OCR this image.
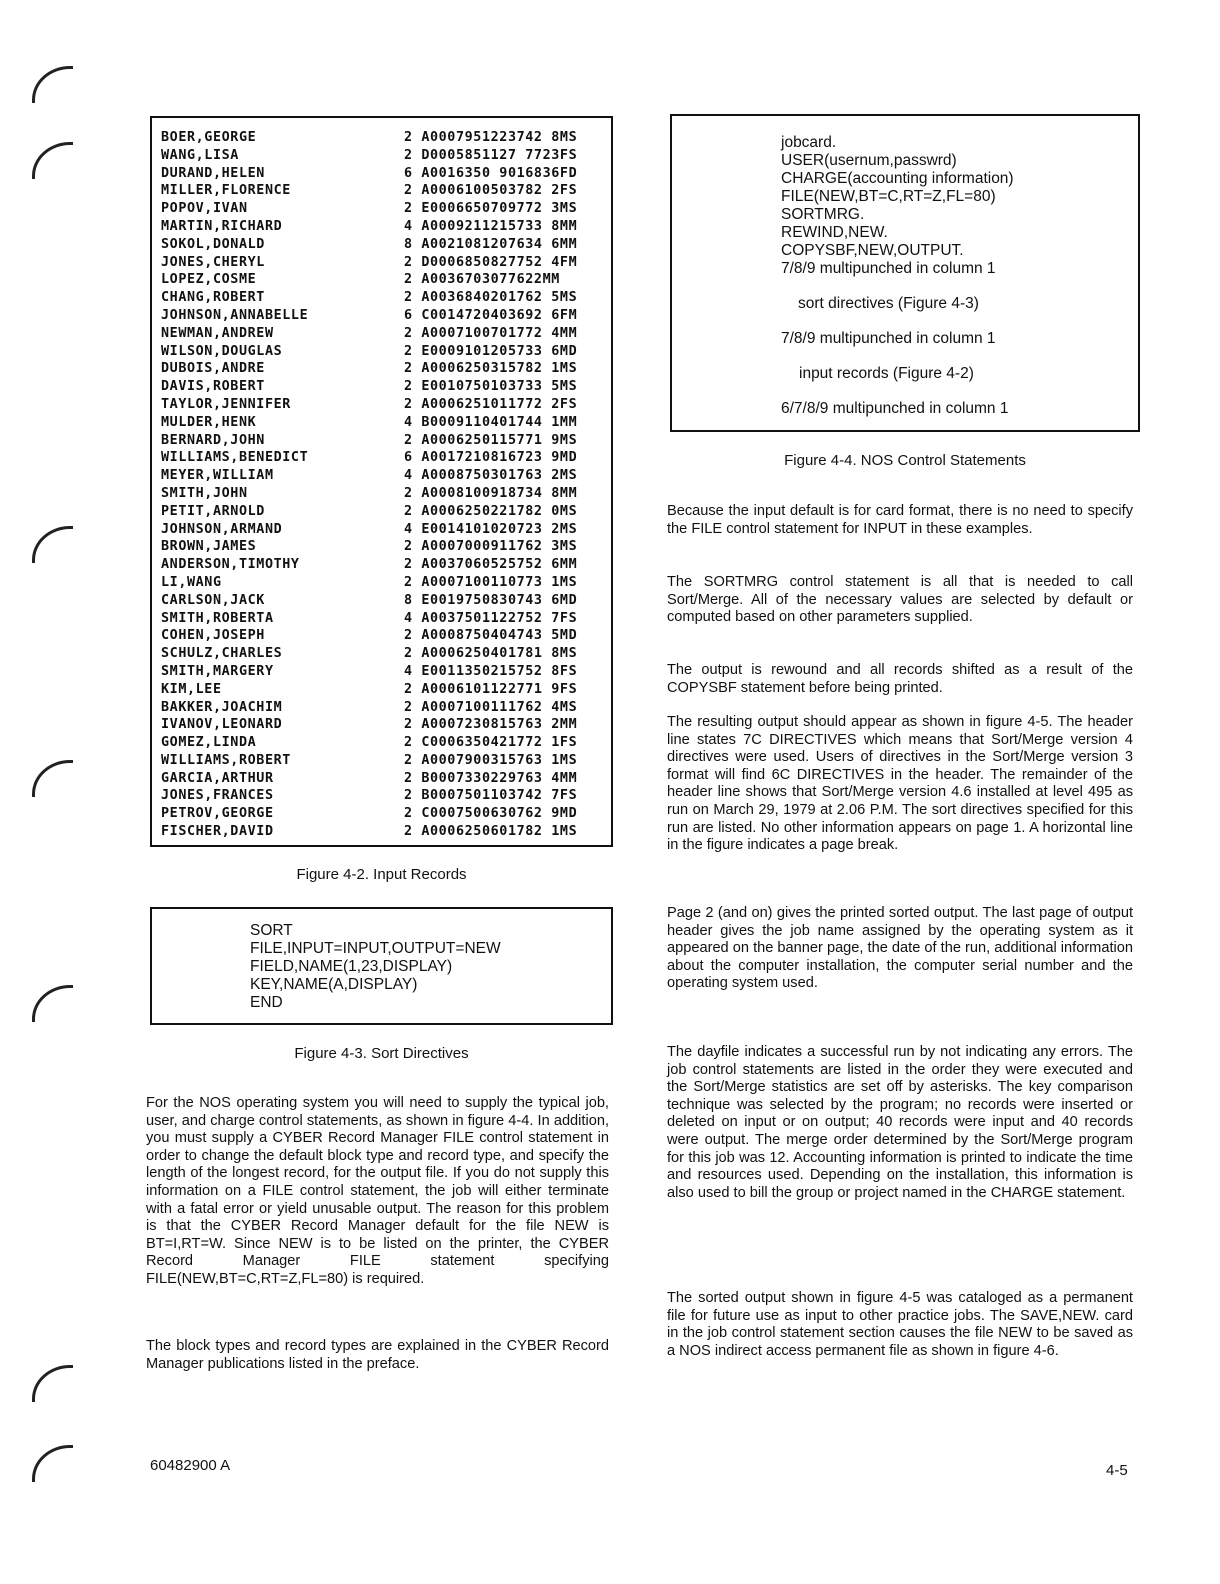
BOER,GEORGE	2 A0007951223742 8MS
WANG,LISA	2 D0005851127 7723FS
DURAND,HELEN	6 A0016350 9016836FD
MILLER,FLORENCE	2 A0006100503782 2FS
POPOV,IVAN	2 E0006650709772 3MS
MARTIN,RICHARD	4 A0009211215733 8MM
SOKOL,DONALD	8 A0021081207634 6MM
JONES,CHERYL	2 D0006850827752 4FM
LOPEZ,COSME	2 A0036703077622MM
CHANG,ROBERT	2 A0036840201762 5MS
JOHNSON,ANNABELLE	6 C0014720403692 6FM
NEWMAN,ANDREW	2 A0007100701772 4MM
WILSON,DOUGLAS	2 E0009101205733 6MD
DUBOIS,ANDRE	2 A0006250315782 1MS
DAVIS,ROBERT	2 E0010750103733 5MS
TAYLOR,JENNIFER	2 A0006251011772 2FS
MULDER,HENK	4 B0009110401744 1MM
BERNARD,JOHN	2 A0006250115771 9MS
WILLIAMS,BENEDICT	6 A0017210816723 9MD
MEYER,WILLIAM	4 A0008750301763 2MS
SMITH,JOHN	2 A0008100918734 8MM
PETIT,ARNOLD	2 A0006250221782 0MS
JOHNSON,ARMAND	4 E0014101020723 2MS
BROWN,JAMES	2 A0007000911762 3MS
ANDERSON,TIMOTHY	2 A0037060525752 6MM
LI,WANG	2 A0007100110773 1MS
CARLSON,JACK	8 E0019750830743 6MD
SMITH,ROBERTA	4 A0037501122752 7FS
COHEN,JOSEPH	2 A0008750404743 5MD
SCHULZ,CHARLES	2 A0006250401781 8MS
SMITH,MARGERY	4 E0011350215752 8FS
KIM,LEE	2 A0006101122771 9FS
BAKKER,JOACHIM	2 A0007100111762 4MS
IVANOV,LEONARD	2 A0007230815763 2MM
GOMEZ,LINDA	2 C0006350421772 1FS
WILLIAMS,ROBERT	2 A0007900315763 1MS
GARCIA,ARTHUR	2 B0007330229763 4MM
JONES,FRANCES	2 B0007501103742 7FS
PETROV,GEORGE	2 C0007500630762 9MD
FISCHER,DAVID	2 A0006250601782 1MS
Figure 4-2. Input Records
SORT
FILE,INPUT=INPUT,OUTPUT=NEW
FIELD,NAME(1,23,DISPLAY)
KEY,NAME(A,DISPLAY)
END
Figure 4-3. Sort Directives

For the NOS operating system you will need to supply the typical job, user, and charge control statements, as shown in figure 4-4. In addition, you must supply a CYBER Record Manager FILE control statement in order to change the default block type and record type, and specify the length of the longest record, for the output file. If you do not supply this information on a FILE control statement, the job will either terminate with a fatal error or yield unusable output. The reason for this problem is that the CYBER Record Manager default for the file NEW is BT=I,RT=W. Since NEW is to be listed on the printer, the CYBER Record Manager FILE statement specifying FILE(NEW,BT=C,RT=Z,FL=80) is required.

The block types and record types are explained in the CYBER Record Manager publications listed in the preface.

jobcard.
USER(usernum,passwrd)
CHARGE(accounting information)
FILE(NEW,BT=C,RT=Z,FL=80)
SORTMRG.
REWIND,NEW.
COPYSBF,NEW,OUTPUT.
7/8/9 multipunched in column 1
sort directives (Figure 4-3)
7/8/9 multipunched in column 1
input records (Figure 4-2)
6/7/8/9 multipunched in column 1
Figure 4-4. NOS Control Statements

Because the input default is for card format, there is no need to specify the FILE control statement for INPUT in these examples.

The SORTMRG control statement is all that is needed to call Sort/Merge. All of the necessary values are selected by default or computed based on other parameters supplied.

The output is rewound and all records shifted as a result of the COPYSBF statement before being printed.

The resulting output should appear as shown in figure 4-5. The header line states 7C DIRECTIVES which means that Sort/Merge version 4 directives were used. Users of directives in the Sort/Merge version 3 format will find 6C DIRECTIVES in the header. The remainder of the header line shows that Sort/Merge version 4.6 installed at level 495 as run on March 29, 1979 at 2.06 P.M. The sort directives specified for this run are listed. No other information appears on page 1. A horizontal line in the figure indicates a page break.

Page 2 (and on) gives the printed sorted output. The last page of output header gives the job name assigned by the operating system as it appeared on the banner page, the date of the run, additional information about the computer installation, the computer serial number and the operating system used.

The dayfile indicates a successful run by not indicating any errors. The job control statements are listed in the order they were executed and the Sort/Merge statistics are set off by asterisks. The key comparison technique was selected by the program; no records were inserted or deleted on input or on output; 40 records were input and 40 records were output. The merge order determined by the Sort/Merge program for this job was 12. Accounting information is printed to indicate the time and resources used. Depending on the installation, this information is also used to bill the group or project named in the CHARGE statement.

The sorted output shown in figure 4-5 was cataloged as a permanent file for future use as input to other practice jobs. The SAVE,NEW. card in the job control statement section causes the file NEW to be saved as a NOS indirect access permanent file as shown in figure 4-6.

60482900 A	4-5
